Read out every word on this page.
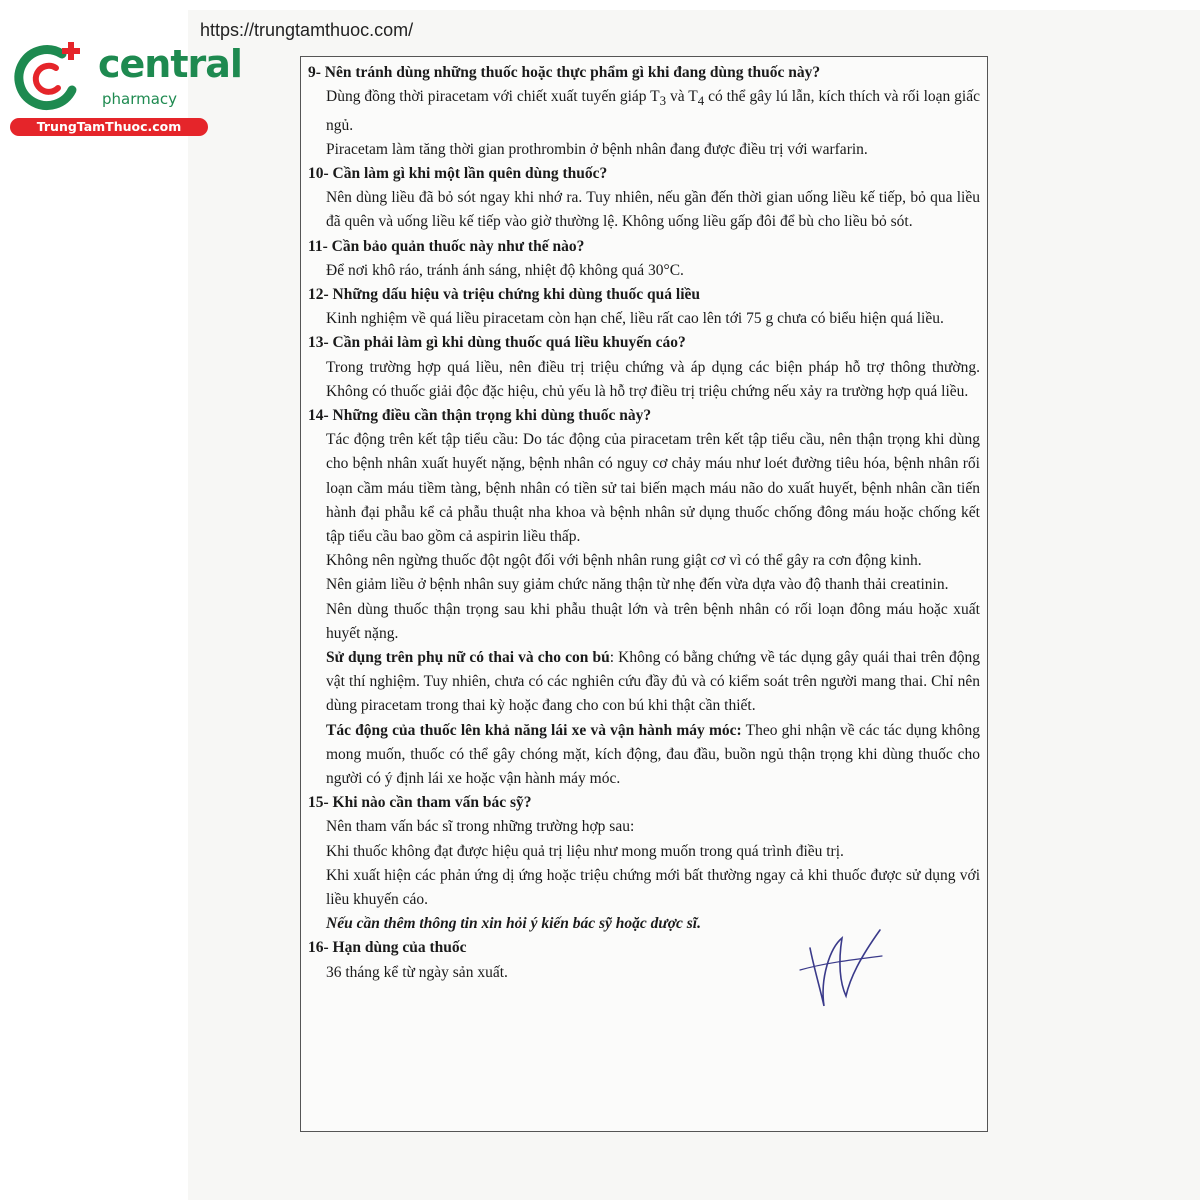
https://trungtamthuoc.com/
central
pharmacy
TrungTamThuoc.com

9- Nên tránh dùng những thuốc hoặc thực phẩm gì khi đang dùng thuốc này?

Dùng đồng thời piracetam với chiết xuất tuyến giáp $T_3$ và $T_4$ có thể gây lú lẫn, kích thích và rối loạn giấc ngủ.

Piracetam làm tăng thời gian prothrombin ở bệnh nhân đang được điều trị với warfarin.

10- Cần làm gì khi một lần quên dùng thuốc?

Nên dùng liều đã bỏ sót ngay khi nhớ ra. Tuy nhiên, nếu gần đến thời gian uống liều kế tiếp, bỏ qua liều đã quên và uống liều kế tiếp vào giờ thường lệ. Không uống liều gấp đôi để bù cho liều bỏ sót.

11- Cần bảo quản thuốc này như thế nào?

Để nơi khô ráo, tránh ánh sáng, nhiệt độ không quá 30°C.

12- Những dấu hiệu và triệu chứng khi dùng thuốc quá liều

Kinh nghiệm về quá liều piracetam còn hạn chế, liều rất cao lên tới 75 g chưa có biểu hiện quá liều.

13- Cần phải làm gì khi dùng thuốc quá liều khuyến cáo?

Trong trường hợp quá liều, nên điều trị triệu chứng và áp dụng các biện pháp hỗ trợ thông thường. Không có thuốc giải độc đặc hiệu, chủ yếu là hỗ trợ điều trị triệu chứng nếu xảy ra trường hợp quá liều.

14- Những điều cần thận trọng khi dùng thuốc này?

Tác động trên kết tập tiểu cầu: Do tác động của piracetam trên kết tập tiểu cầu, nên thận trọng khi dùng cho bệnh nhân xuất huyết nặng, bệnh nhân có nguy cơ chảy máu như loét đường tiêu hóa, bệnh nhân rối loạn cầm máu tiềm tàng, bệnh nhân có tiền sử tai biến mạch máu não do xuất huyết, bệnh nhân cần tiến hành đại phẫu kể cả phẫu thuật nha khoa và bệnh nhân sử dụng thuốc chống đông máu hoặc chống kết tập tiểu cầu bao gồm cả aspirin liều thấp.

Không nên ngừng thuốc đột ngột đối với bệnh nhân rung giật cơ vì có thể gây ra cơn động kinh.

Nên giảm liều ở bệnh nhân suy giảm chức năng thận từ nhẹ đến vừa dựa vào độ thanh thải creatinin.

Nên dùng thuốc thận trọng sau khi phẫu thuật lớn và trên bệnh nhân có rối loạn đông máu hoặc xuất huyết nặng.

Sử dụng trên phụ nữ có thai và cho con bú: Không có bằng chứng về tác dụng gây quái thai trên động vật thí nghiệm. Tuy nhiên, chưa có các nghiên cứu đầy đủ và có kiểm soát trên người mang thai. Chỉ nên dùng piracetam trong thai kỳ hoặc đang cho con bú khi thật cần thiết.

Tác động của thuốc lên khả năng lái xe và vận hành máy móc: Theo ghi nhận về các tác dụng không mong muốn, thuốc có thể gây chóng mặt, kích động, đau đầu, buồn ngủ thận trọng khi dùng thuốc cho người có ý định lái xe hoặc vận hành máy móc.

15- Khi nào cần tham vấn bác sỹ?

Nên tham vấn bác sĩ trong những trường hợp sau:

Khi thuốc không đạt được hiệu quả trị liệu như mong muốn trong quá trình điều trị.

Khi xuất hiện các phản ứng dị ứng hoặc triệu chứng mới bất thường ngay cả khi thuốc được sử dụng với liều khuyến cáo.

Nếu cần thêm thông tin xin hỏi ý kiến bác sỹ hoặc dược sĩ.

16- Hạn dùng của thuốc

36 tháng kể từ ngày sản xuất.
